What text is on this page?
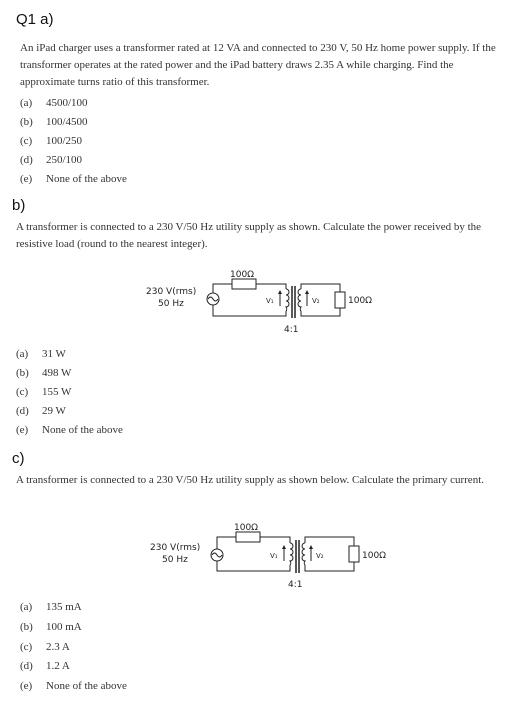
Q1 a)
An iPad charger uses a transformer rated at 12 VA and connected to 230 V, 50 Hz home power supply. If the transformer operates at the rated power and the iPad battery draws 2.35 A while charging. Find the approximate turns ratio of this transformer.
(a) 4500/100
(b) 100/4500
(c) 100/250
(d) 250/100
(e) None of the above
b)
A transformer is connected to a 230 V/50 Hz utility supply as shown. Calculate the power received by the resistive load (round to the nearest integer).
230 V(rms)
50 Hz
100Ω
V₁	V₂	100Ω
4:1
(a) 31 W
(b) 498 W
(c) 155 W
(d) 29 W
(e) None of the above
c)
A transformer is connected to a 230 V/50 Hz utility supply as shown below. Calculate the primary current.
230 V(rms)
50 Hz
100Ω
V₁	V₂	100Ω
4:1
(a) 135 mA
(b) 100 mA
(c) 2.3 A
(d) 1.2 A
(e) None of the above
